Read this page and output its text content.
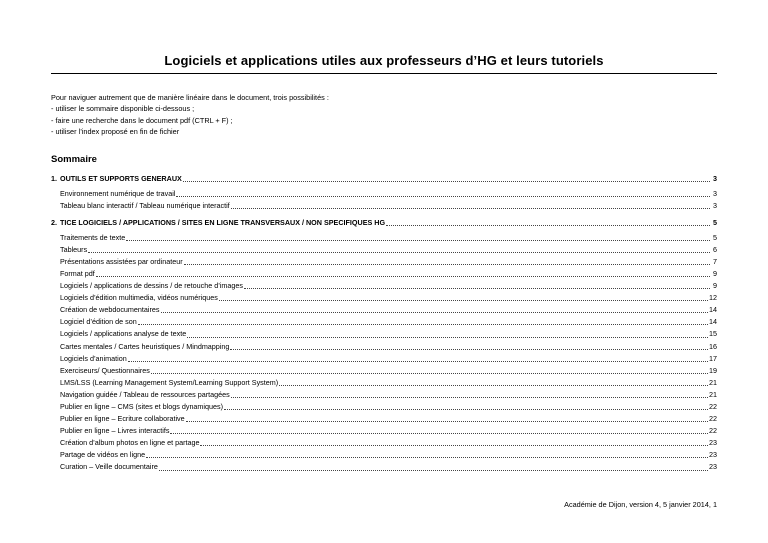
Logiciels et applications utiles aux professeurs d’HG et leurs tutoriels
Pour naviguer autrement que de manière linéaire dans le document, trois possibilités :
- utiliser le sommaire disponible ci-dessous ;
- faire une recherche dans le document pdf (CTRL + F) ;
- utiliser l’index proposé en fin de fichier
Sommaire
1. OUTILS ET SUPPORTS GENERAUX	3
Environnement numérique de travail	3
Tableau blanc interactif / Tableau numérique interactif	3
2. TICE LOGICIELS / APPLICATIONS / SITES EN LIGNE TRANSVERSAUX / NON SPECIFIQUES HG	5
Traitements de texte	5
Tableurs	6
Présentations assistées par ordinateur	7
Format pdf	9
Logiciels / applications de dessins / de retouche d’images	9
Logiciels d’édition multimedia, vidéos numériques	12
Création de webdocumentaires	14
Logiciel d’édition de son	14
Logiciels / applications analyse de texte	15
Cartes mentales / Cartes heuristiques / Mindmapping	16
Logiciels d’animation	17
Exerciseurs/ Questionnaires	19
LMS/LSS (Learning Management System/Learning Support System)	21
Navigation guidée / Tableau de ressources partagées	21
Publier en ligne – CMS (sites et blogs dynamiques)	22
Publier en ligne – Ecriture collaborative	22
Publier en ligne – Livres interactifs	22
Création d’album photos en ligne et partage	23
Partage de vidéos en ligne	23
Curation – Veille documentaire	23
Académie de Dijon, version 4, 5 janvier 2014, 1
